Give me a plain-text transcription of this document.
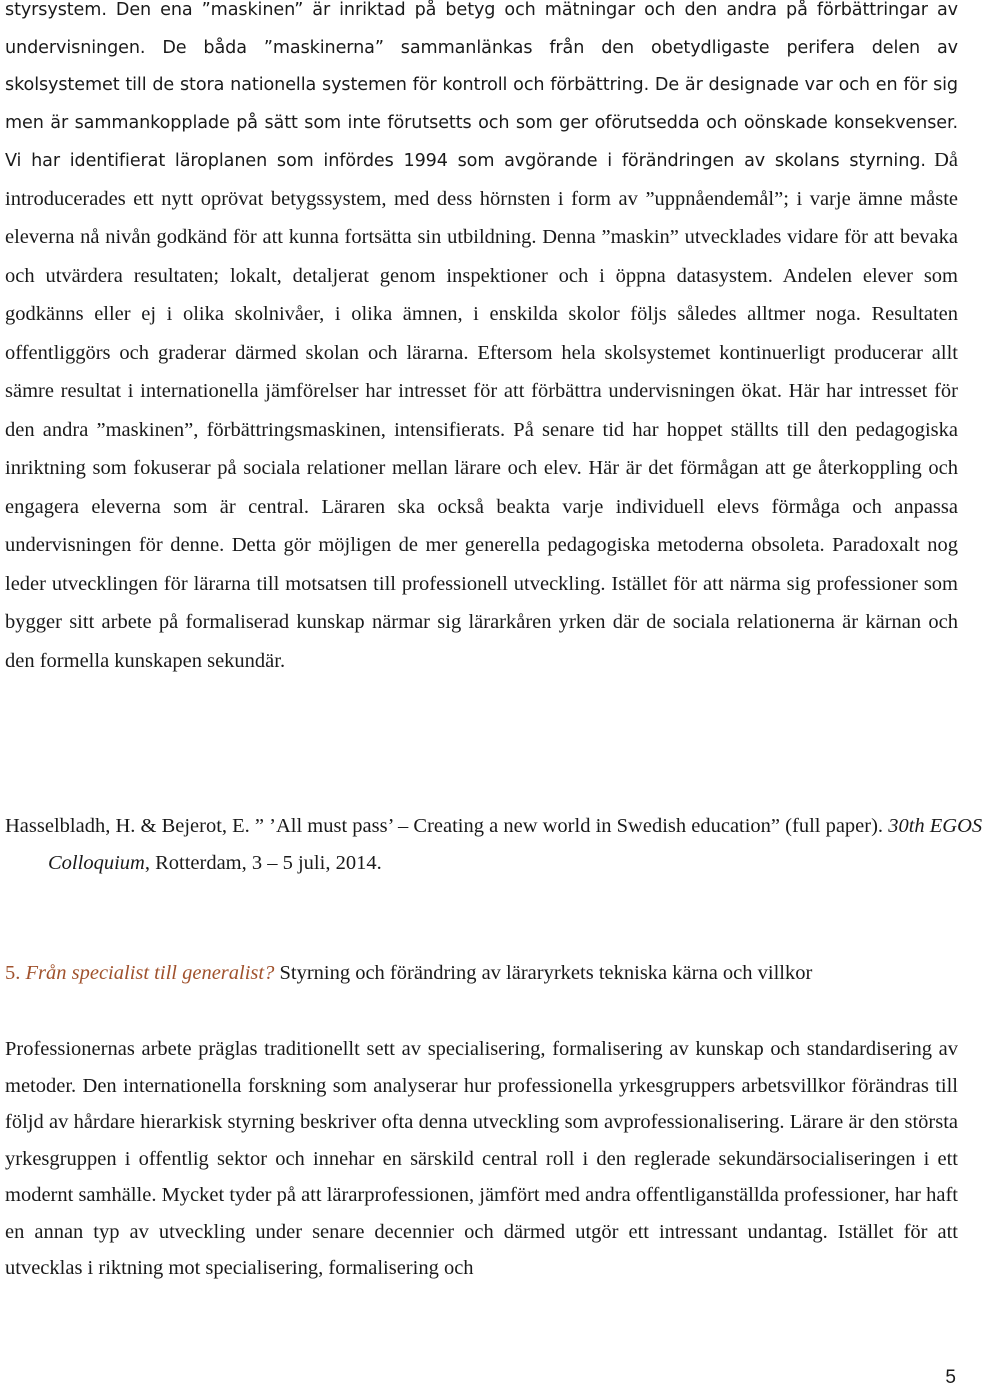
styrsystem. Den ena ”maskinen” är inriktad på betyg och mätningar och den andra på förbättringar av undervisningen. De båda ”maskinerna” sammanlänkas från den obetydligaste perifera delen av skolsystemet till de stora nationella systemen för kontroll och förbättring. De är designade var och en för sig men är sammankopplade på sätt som inte förutsetts och som ger oförutsedda och oönskade konsekvenser. Vi har identifierat läroplanen som infördes 1994 som avgörande i förändringen av skolans styrning. Då introducerades ett nytt oprövat betygssystem, med dess hörnsten i form av ”uppnåendemål”; i varje ämne måste eleverna nå nivån godkänd för att kunna fortsätta sin utbildning. Denna ”maskin” utvecklades vidare för att bevaka och utvärdera resultaten; lokalt, detaljerat genom inspektioner och i öppna datasystem. Andelen elever som godkänns eller ej i olika skolnivåer, i olika ämnen, i enskilda skolor följs således alltmer noga. Resultaten offentliggörs och graderar därmed skolan och lärarna. Eftersom hela skolsystemet kontinuerligt producerar allt sämre resultat i internationella jämförelser har intresset för att förbättra undervisningen ökat. Här har intresset för den andra ”maskinen”, förbättringsmaskinen, intensifierats. På senare tid har hoppet ställts till den pedagogiska inriktning som fokuserar på sociala relationer mellan lärare och elev. Här är det förmågan att ge återkoppling och engagera eleverna som är central. Läraren ska också beakta varje individuell elevs förmåga och anpassa undervisningen för denne. Detta gör möjligen de mer generella pedagogiska metoderna obsoleta. Paradoxalt nog leder utvecklingen för lärarna till motsatsen till professionell utveckling. Istället för att närma sig professioner som bygger sitt arbete på formaliserad kunskap närmar sig lärarkåren yrken där de sociala relationerna är kärnan och den formella kunskapen sekundär.

Hasselbladh, H. & Bejerot, E. ” ’All must pass’ – Creating a new world in Swedish education” (full paper). 30th EGOS Colloquium, Rotterdam, 3 – 5 juli, 2014.

5. Från specialist till generalist? Styrning och förändring av läraryrkets tekniska kärna och villkor

Professionernas arbete präglas traditionellt sett av specialisering, formalisering av kunskap och standardisering av metoder. Den internationella forskning som analyserar hur professionella yrkesgruppers arbetsvillkor förändras till följd av hårdare hierarkisk styrning beskriver ofta denna utveckling som avprofessionalisering. Lärare är den största yrkesgruppen i offentlig sektor och innehar en särskild central roll i den reglerade sekundärsocialiseringen i ett modernt samhälle. Mycket tyder på att lärarprofessionen, jämfört med andra offentliganställda professioner, har haft en annan typ av utveckling under senare decennier och därmed utgör ett intressant undantag. Istället för att utvecklas i riktning mot specialisering, formalisering och

5
